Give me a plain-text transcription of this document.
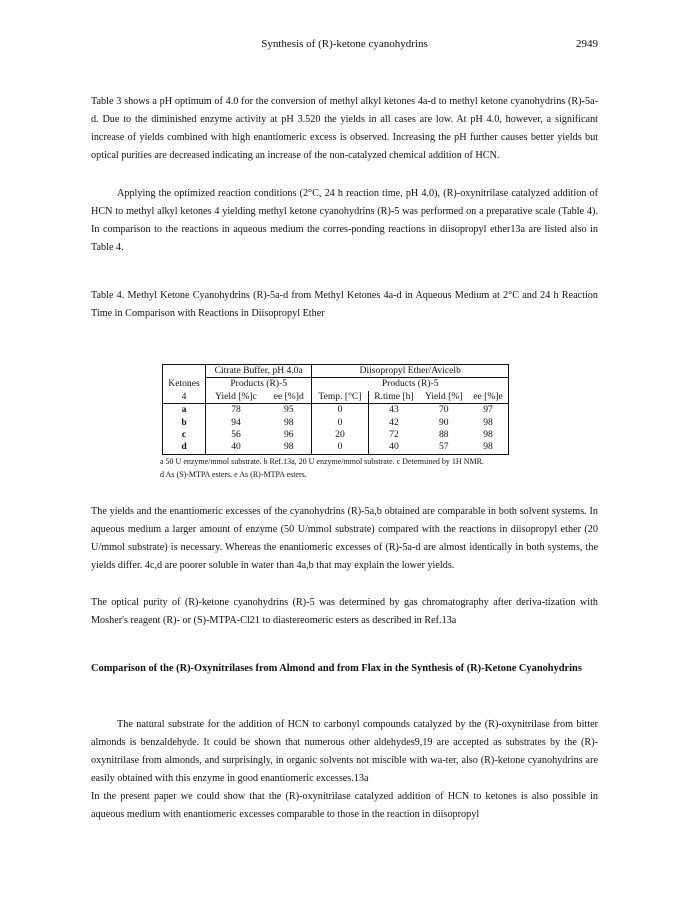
Synthesis of (R)-ketone cyanohydrins	2949

Table 3 shows a pH optimum of 4.0 for the conversion of methyl alkyl ketones 4a-d to methyl ketone cyanohydrins (R)-5a-d. Due to the diminished enzyme activity at pH 3.520 the yields in all cases are low. At pH 4.0, however, a significant increase of yields combined with high enantiomeric excess is observed. Increasing the pH further causes better yields but optical purities are decreased indicating an increase of the non-catalyzed chemical addition of HCN.

Applying the optimized reaction conditions (2°C, 24 h reaction time, pH 4.0), (R)-oxynitrilase catalyzed addition of HCN to methyl alkyl ketones 4 yielding methyl ketone cyanohydrins (R)-5 was performed on a preparative scale (Table 4). In comparison to the reactions in aqueous medium the corres-ponding reactions in diisopropyl ether13a are listed also in Table 4.

Table 4. Methyl Ketone Cyanohydrins (R)-5a-d from Methyl Ketones 4a-d in Aqueous Medium at 2°C and 24 h Reaction Time in Comparison with Reactions in Diisopropyl Ether

	Citrate Buffer, pH 4.0a		Diisopropyl Ether/Avicelb			
Ketones	Products (R)-5		Products (R)-5			
4	Yield [%]c	ee [%]d	Temp. [°C]	R.time [h]	Yield [%]	ee [%]e
a	78	95	0	43	70	97
b	94	98	0	42	90	98
c	56	96	20	72	88	98
d	40	98	0	40	57	98
a 50 U enzyme/mmol substrate. b Ref.13a, 20 U enzyme/mmol substrate. c Determined by 1H NMR.
d As (S)-MTPA esters. e As (R)-MTPA esters.

The yields and the enantiomeric excesses of the cyanohydrins (R)-5a,b obtained are comparable in both solvent systems. In aqueous medium a larger amount of enzyme (50 U/mmol substrate) compared with the reactions in diisopropyl ether (20 U/mmol substrate) is necessary. Whereas the enantiomeric excesses of (R)-5a-d are almost identically in both systems, the yields differ. 4c,d are poorer soluble in water than 4a,b that may explain the lower yields.

The optical purity of (R)-ketone cyanohydrins (R)-5 was determined by gas chromatography after deriva-tization with Mosher's reagent (R)- or (S)-MTPA-Cl21 to diastereomeric esters as described in Ref.13a

Comparison of the (R)-Oxynitrilases from Almond and from Flax in the Synthesis of (R)-Ketone Cyanohydrins

The natural substrate for the addition of HCN to carbonyl compounds catalyzed by the (R)-oxynitrilase from bitter almonds is benzaldehyde. It could be shown that numerous other aldehydes9,19 are accepted as substrates by the (R)-oxynitrilase from almonds, and surprisingly, in organic solvents not miscible with wa-ter, also (R)-ketone cyanohydrins are easily obtained with this enzyme in good enantiomeric excesses.13a

In the present paper we could show that the (R)-oxynitrilase catalyzed addition of HCN to ketones is also possible in aqueous medium with enantiomeric excesses comparable to those in the reaction in diisopropyl
